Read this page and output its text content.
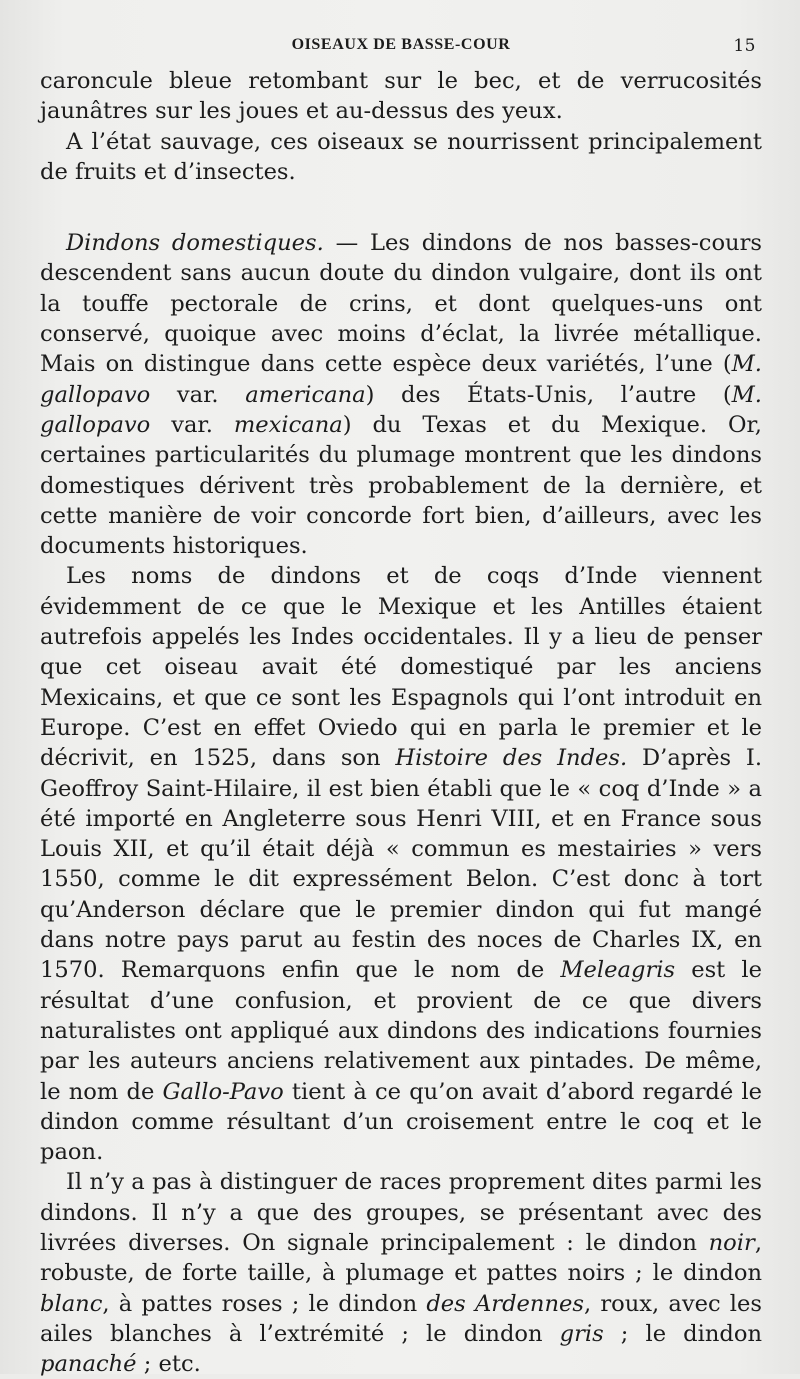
OISEAUX DE BASSE-COUR	15

caroncule bleue retombant sur le bec, et de verrucosités jaunâtres sur les joues et au-dessus des yeux.

A l’état sauvage, ces oiseaux se nourrissent principalement de fruits et d’insectes.

Dindons domestiques. — Les dindons de nos basses-cours descendent sans aucun doute du dindon vulgaire, dont ils ont la touffe pectorale de crins, et dont quelques-uns ont conservé, quoique avec moins d’éclat, la livrée métallique. Mais on distingue dans cette espèce deux variétés, l’une (M. gallopavo var. americana) des États-Unis, l’autre (M. gallopavo var. mexicana) du Texas et du Mexique. Or, certaines particularités du plumage montrent que les dindons domestiques dérivent très probablement de la dernière, et cette manière de voir concorde fort bien, d’ailleurs, avec les documents historiques.

Les noms de dindons et de coqs d’Inde viennent évidemment de ce que le Mexique et les Antilles étaient autrefois appelés les Indes occidentales. Il y a lieu de penser que cet oiseau avait été domestiqué par les anciens Mexicains, et que ce sont les Espagnols qui l’ont introduit en Europe. C’est en effet Oviedo qui en parla le premier et le décrivit, en 1525, dans son Histoire des Indes. D’après I. Geoffroy Saint-Hilaire, il est bien établi que le « coq d’Inde » a été importé en Angleterre sous Henri VIII, et en France sous Louis XII, et qu’il était déjà « commun es mestairies » vers 1550, comme le dit expressément Belon. C’est donc à tort qu’Anderson déclare que le premier dindon qui fut mangé dans notre pays parut au festin des noces de Charles IX, en 1570. Remarquons enfin que le nom de Meleagris est le résultat d’une confusion, et provient de ce que divers naturalistes ont appliqué aux dindons des indications fournies par les auteurs anciens relativement aux pintades. De même, le nom de Gallo-Pavo tient à ce qu’on avait d’abord regardé le dindon comme résultant d’un croisement entre le coq et le paon.

Il n’y a pas à distinguer de races proprement dites parmi les dindons. Il n’y a que des groupes, se présentant avec des livrées diverses. On signale principalement : le dindon noir, robuste, de forte taille, à plumage et pattes noirs ; le dindon blanc, à pattes roses ; le dindon des Ardennes, roux, avec les ailes blanches à l’extrémité ; le dindon gris ; le dindon panaché ; etc.
